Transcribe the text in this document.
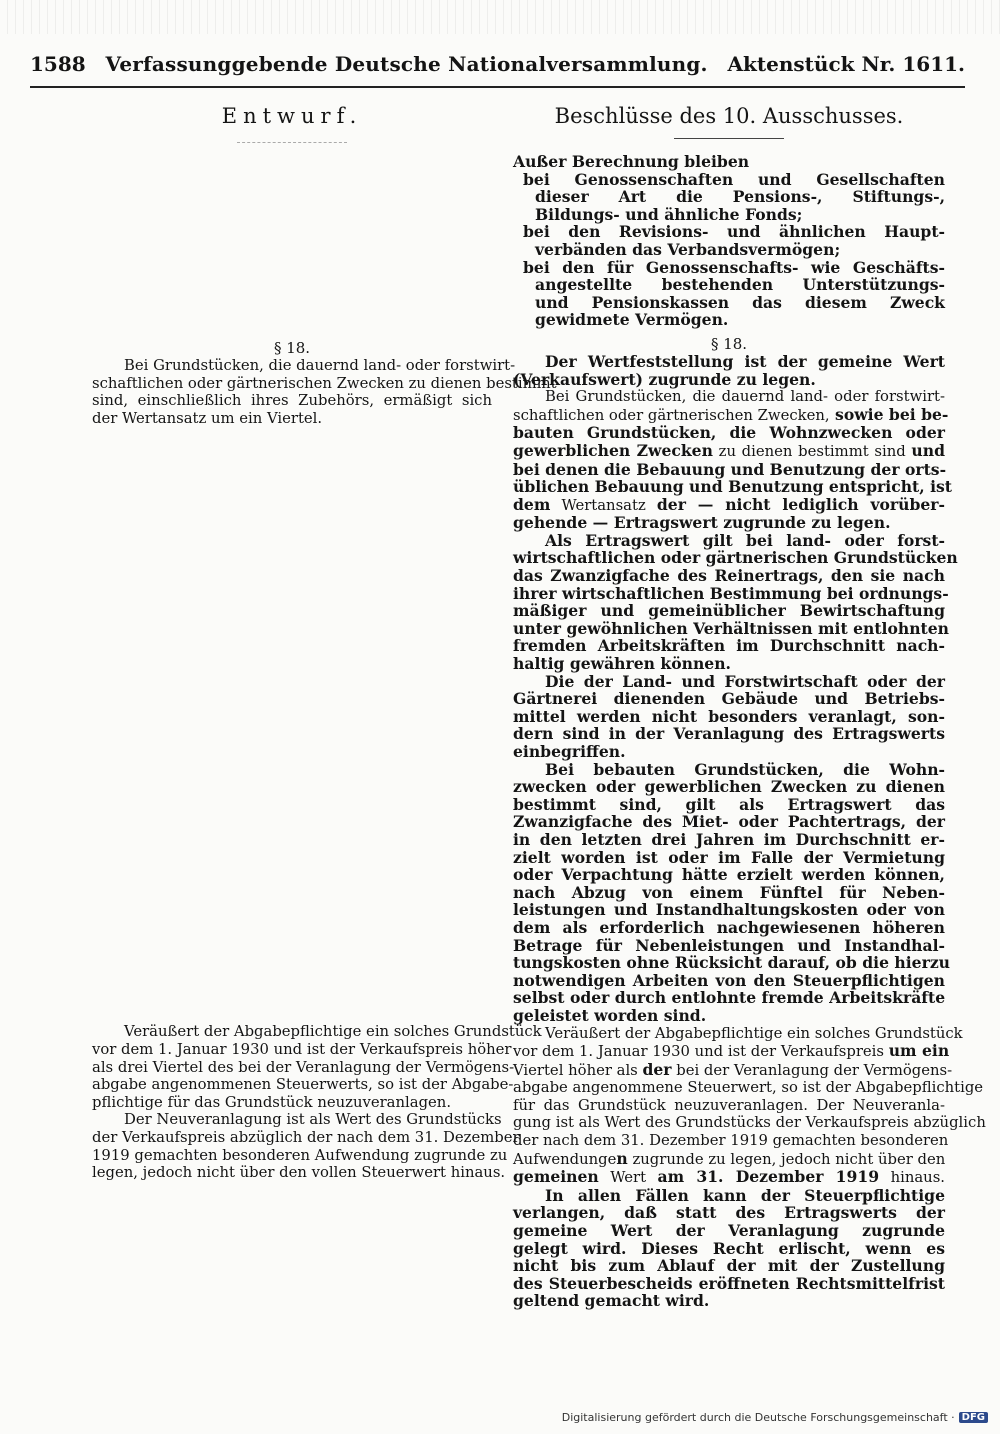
1588 Verfassunggebende Deutsche Nationalversammlung. Aktenstück Nr. 1611.
Entwurf.
§ 18.
Bei Grundstücken, die dauernd land- oder forstwirt-
schaftlichen oder gärtnerischen Zwecken zu dienen bestimmt
sind, einschließlich ihres Zubehörs, ermäßigt sich
der Wertansatz um ein Viertel.
Veräußert der Abgabepflichtige ein solches Grundstück
vor dem 1. Januar 1930 und ist der Verkaufspreis höher
als drei Viertel des bei der Veranlagung der Vermögens-
abgabe angenommenen Steuerwerts, so ist der Abgabe-
pflichtige für das Grundstück neuzuveranlagen.
Der Neuveranlagung ist als Wert des Grundstücks
der Verkaufspreis abzüglich der nach dem 31. Dezember
1919 gemachten besonderen Aufwendung zugrunde zu
legen, jedoch nicht über den vollen Steuerwert hinaus.
Beschlüsse des 10. Ausschusses.
Außer Berechnung bleiben
bei Genossenschaften und Gesellschaften
dieser Art die Pensions-, Stiftungs-,
Bildungs- und ähnliche Fonds;
bei den Revisions- und ähnlichen Haupt-
verbänden das Verbandsvermögen;
bei den für Genossenschafts- wie Geschäfts-
angestellte bestehenden Unterstützungs-
und Pensionskassen das diesem Zweck
gewidmete Vermögen.
§ 18.
Der Wertfeststellung ist der gemeine Wert
(Verkaufswert) zugrunde zu legen.
Bei Grundstücken, die dauernd land- oder forstwirt-
schaftlichen oder gärtnerischen Zwecken, sowie bei be-
bauten Grundstücken, die Wohnzwecken oder
gewerblichen Zwecken zu dienen bestimmt sind und
bei denen die Bebauung und Benutzung der orts-
üblichen Bebauung und Benutzung entspricht, ist
dem Wertansatz der — nicht lediglich vorüber-
gehende — Ertragswert zugrunde zu legen.
Als Ertragswert gilt bei land- oder forst-
wirtschaftlichen oder gärtnerischen Grundstücken
das Zwanzigfache des Reinertrags, den sie nach
ihrer wirtschaftlichen Bestimmung bei ordnungs-
mäßiger und gemeinüblicher Bewirtschaftung
unter gewöhnlichen Verhältnissen mit entlohnten
fremden Arbeitskräften im Durchschnitt nach-
haltig gewähren können.
Die der Land- und Forstwirtschaft oder der
Gärtnerei dienenden Gebäude und Betriebs-
mittel werden nicht besonders veranlagt, son-
dern sind in der Veranlagung des Ertragswerts
einbegriffen.
Bei bebauten Grundstücken, die Wohn-
zwecken oder gewerblichen Zwecken zu dienen
bestimmt sind, gilt als Ertragswert das
Zwanzigfache des Miet- oder Pachtertrags, der
in den letzten drei Jahren im Durchschnitt er-
zielt worden ist oder im Falle der Vermietung
oder Verpachtung hätte erzielt werden können,
nach Abzug von einem Fünftel für Neben-
leistungen und Instandhaltungskosten oder von
dem als erforderlich nachgewiesenen höheren
Betrage für Nebenleistungen und Instandhal-
tungskosten ohne Rücksicht darauf, ob die hierzu
notwendigen Arbeiten von den Steuerpflichtigen
selbst oder durch entlohnte fremde Arbeitskräfte
geleistet worden sind.
Veräußert der Abgabepflichtige ein solches Grundstück
vor dem 1. Januar 1930 und ist der Verkaufspreis um ein
Viertel höher als der bei der Veranlagung der Vermögens-
abgabe angenommene Steuerwert, so ist der Abgabepflichtige
für das Grundstück neuzuveranlagen. Der Neuveranla-
gung ist als Wert des Grundstücks der Verkaufspreis abzüglich
der nach dem 31. Dezember 1919 gemachten besonderen
Aufwendungen zugrunde zu legen, jedoch nicht über den
gemeinen Wert am 31. Dezember 1919 hinaus.
In allen Fällen kann der Steuerpflichtige
verlangen, daß statt des Ertragswerts der
gemeine Wert der Veranlagung zugrunde
gelegt wird. Dieses Recht erlischt, wenn es
nicht bis zum Ablauf der mit der Zustellung
des Steuerbescheids eröffneten Rechtsmittelfrist
geltend gemacht wird.
Digitalisierung gefördert durch die Deutsche Forschungsgemeinschaft · DFG
